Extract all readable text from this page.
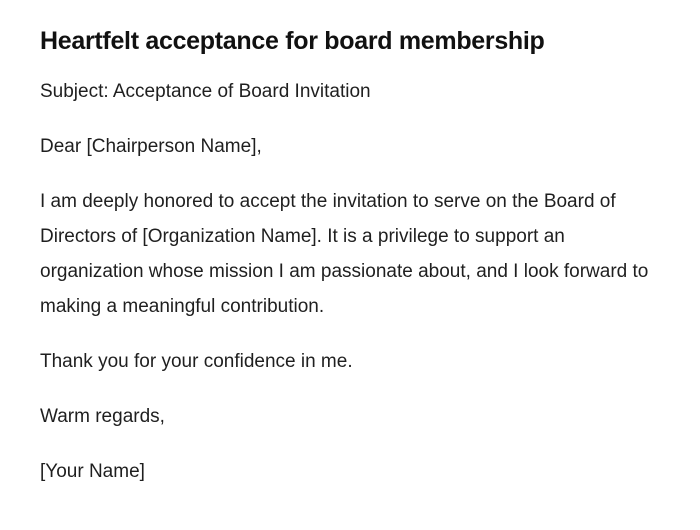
Heartfelt acceptance for board membership

Subject: Acceptance of Board Invitation

Dear [Chairperson Name],

I am deeply honored to accept the invitation to serve on the Board of Directors of [Organization Name]. It is a privilege to support an organization whose mission I am passionate about, and I look forward to making a meaningful contribution.

Thank you for your confidence in me.

Warm regards,

[Your Name]
